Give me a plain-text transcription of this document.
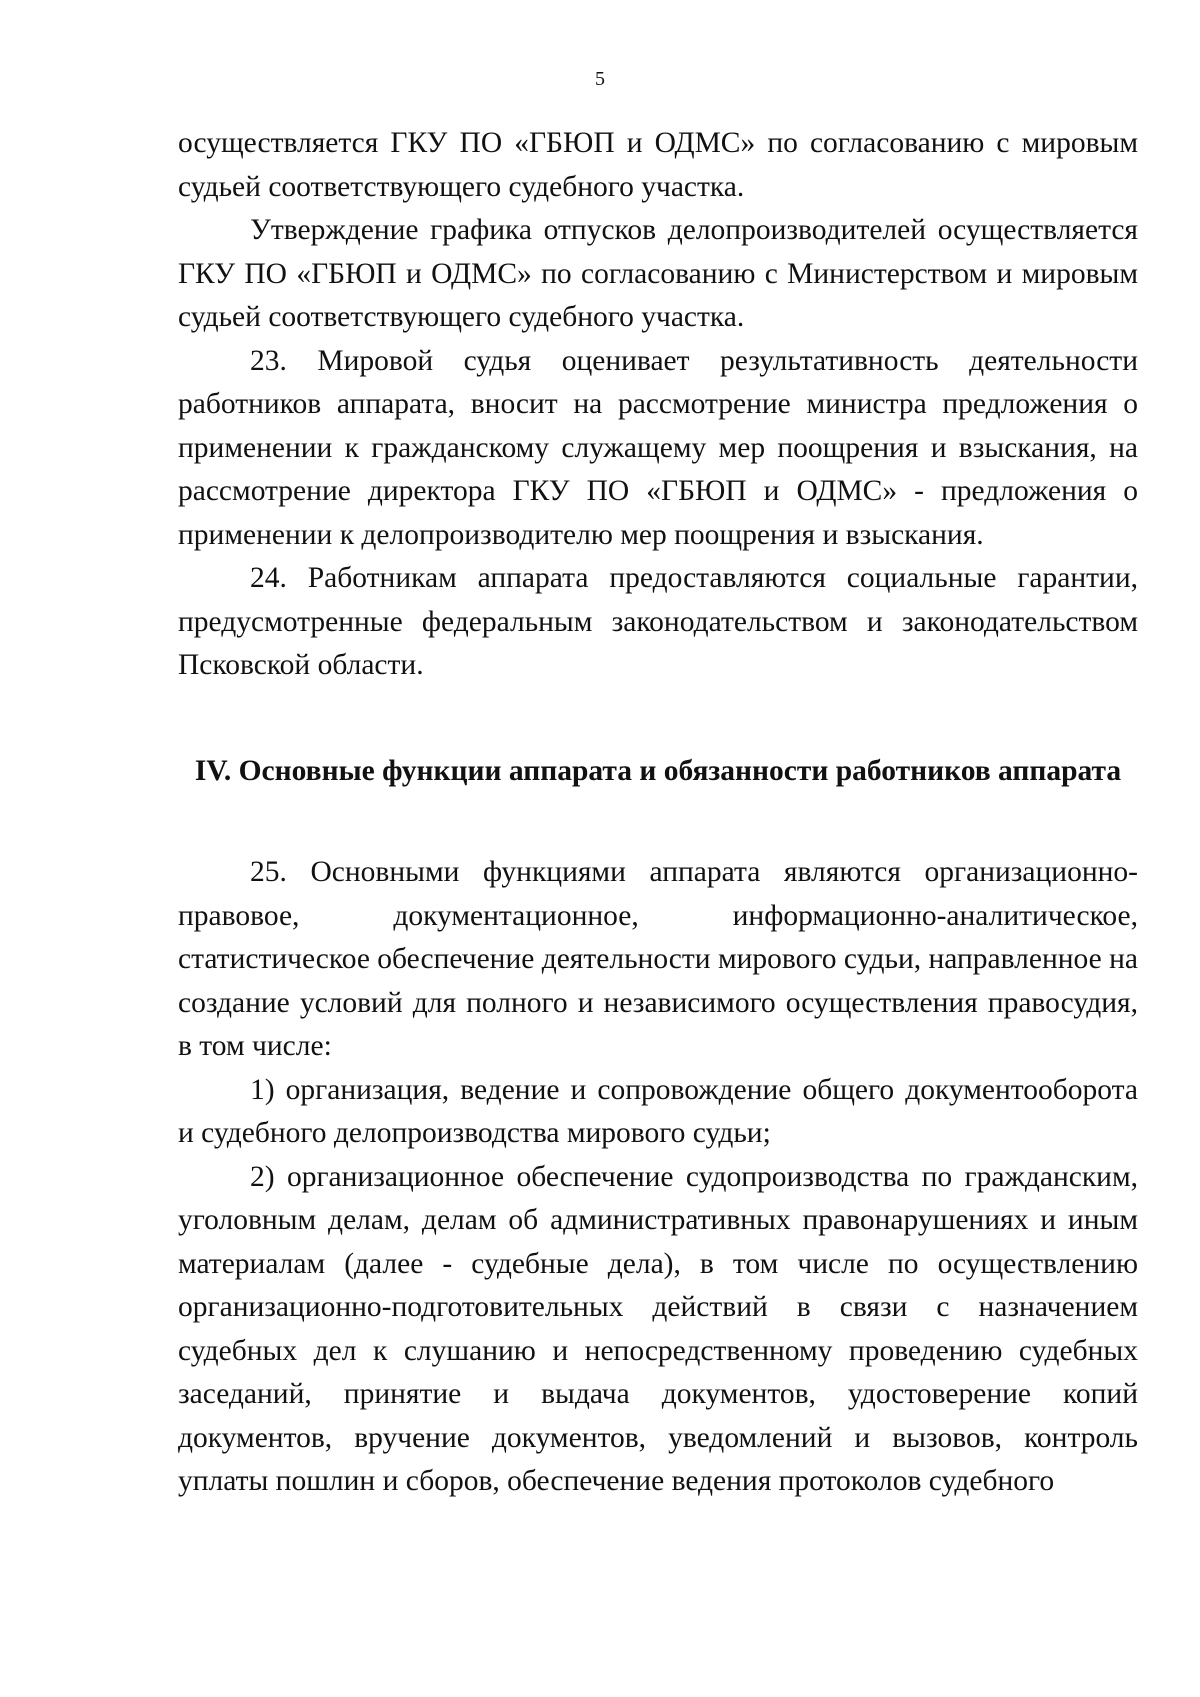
5

осуществляется ГКУ ПО «ГБЮП и ОДМС» по согласованию с мировым судьей соответствующего судебного участка.

Утверждение графика отпусков делопроизводителей осуществляется ГКУ ПО «ГБЮП и ОДМС» по согласованию с Министерством и мировым судьей соответствующего судебного участка.

23. Мировой судья оценивает результативность деятельности работников аппарата, вносит на рассмотрение министра предложения о применении к гражданскому служащему мер поощрения и взыскания, на рассмотрение директора ГКУ ПО «ГБЮП и ОДМС» - предложения о применении к делопроизводителю мер поощрения и взыскания.

24. Работникам аппарата предоставляются социальные гарантии, предусмотренные федеральным законодательством и законодательством Псковской области.

IV. Основные функции аппарата и обязанности работников аппарата

25. Основными функциями аппарата являются организационно-правовое, документационное, информационно-аналитическое, статистическое обеспечение деятельности мирового судьи, направленное на создание условий для полного и независимого осуществления правосудия, в том числе:

1) организация, ведение и сопровождение общего документооборота и судебного делопроизводства мирового судьи;

2) организационное обеспечение судопроизводства по гражданским, уголовным делам, делам об административных правонарушениях и иным материалам (далее - судебные дела), в том числе по осуществлению организационно-подготовительных действий в связи с назначением судебных дел к слушанию и непосредственному проведению судебных заседаний, принятие и выдача документов, удостоверение копий документов, вручение документов, уведомлений и вызовов, контроль уплаты пошлин и сборов, обеспечение ведения протоколов судебного
